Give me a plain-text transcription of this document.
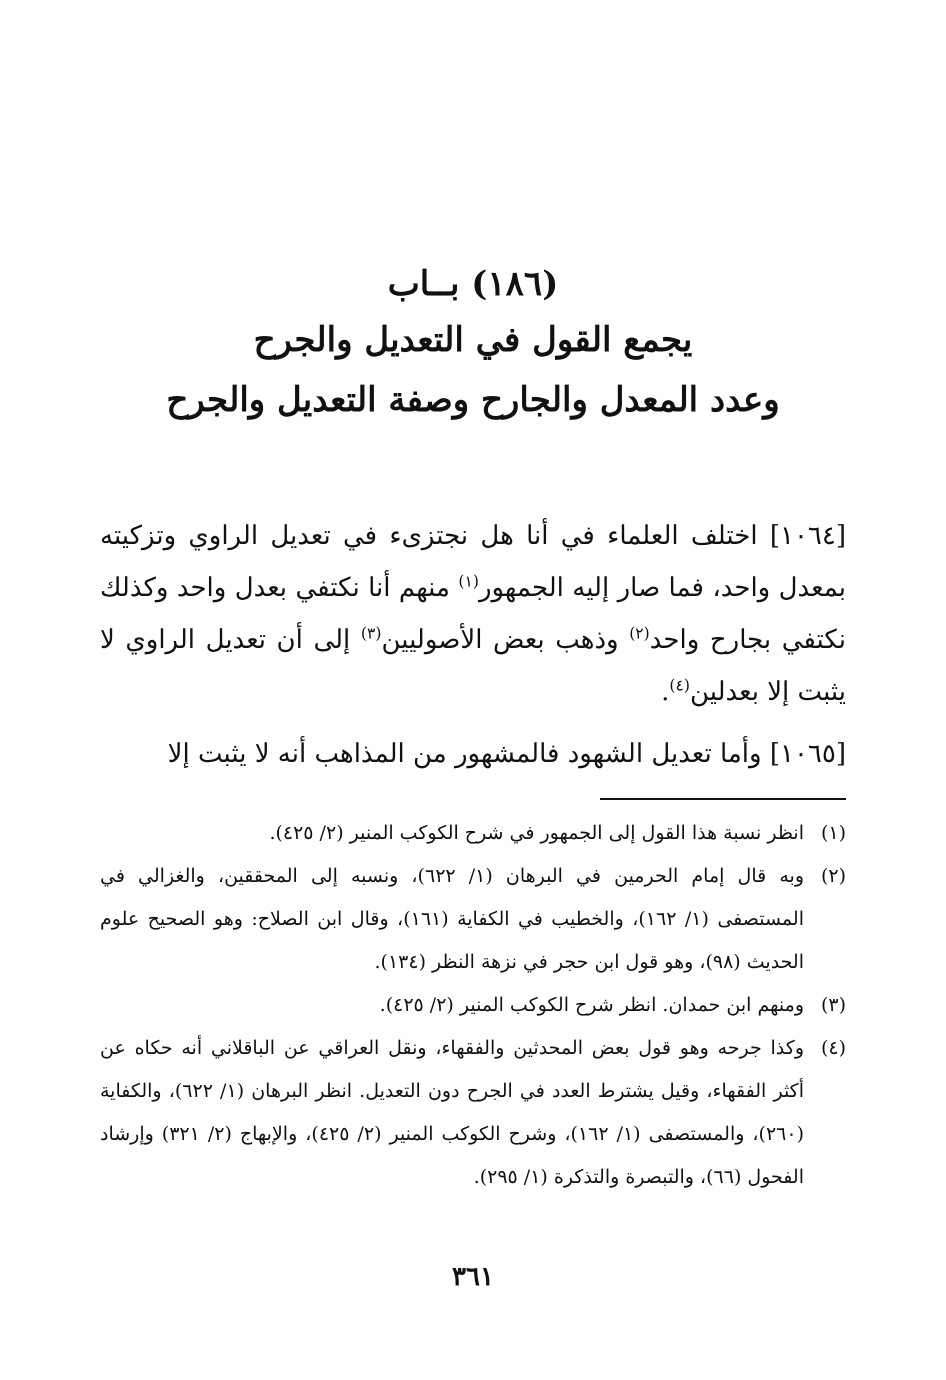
(١٨٦) بــاب
يجمع القول في التعديل والجرح
وعدد المعدل والجارح وصفة التعديل والجرح

[١٠٦٤] اختلف العلماء في أنا هل نجتزىء في تعديل الراوي وتزكيته بمعدل واحد، فما صار إليه الجمهور$^{(١)}$ منهم أنا نكتفي بعدل واحد وكذلك نكتفي بجارح واحد$^{(٢)}$ وذهب بعض الأصوليين$^{(٣)}$ إلى أن تعديل الراوي لا يثبت إلا بعدلين$^{(٤)}$.

[١٠٦٥] وأما تعديل الشهود فالمشهور من المذاهب أنه لا يثبت إلا

(١)
انظر نسبة هذا القول إلى الجمهور في شرح الكوكب المنير (٢/ ٤٢٥).
(٢)
وبه قال إمام الحرمين في البرهان (١/ ٦٢٢)، ونسبه إلى المحققين، والغزالي في المستصفى (١/ ١٦٢)، والخطيب في الكفاية (١٦١)، وقال ابن الصلاح: وهو الصحيح علوم الحديث (٩٨)، وهو قول ابن حجر في نزهة النظر (١٣٤).
(٣)
ومنهم ابن حمدان. انظر شرح الكوكب المنير (٢/ ٤٢٥).
(٤)
وكذا جرحه وهو قول بعض المحدثين والفقهاء، ونقل العراقي عن الباقلاني أنه حكاه عن أكثر الفقهاء، وقيل يشترط العدد في الجرح دون التعديل. انظر البرهان (١/ ٦٢٢)، والكفاية (٢٦٠)، والمستصفى (١/ ١٦٢)، وشرح الكوكب المنير (٢/ ٤٢٥)، والإبهاج (٢/ ٣٢١) وإرشاد الفحول (٦٦)، والتبصرة والتذكرة (١/ ٢٩٥).
٣٦١
